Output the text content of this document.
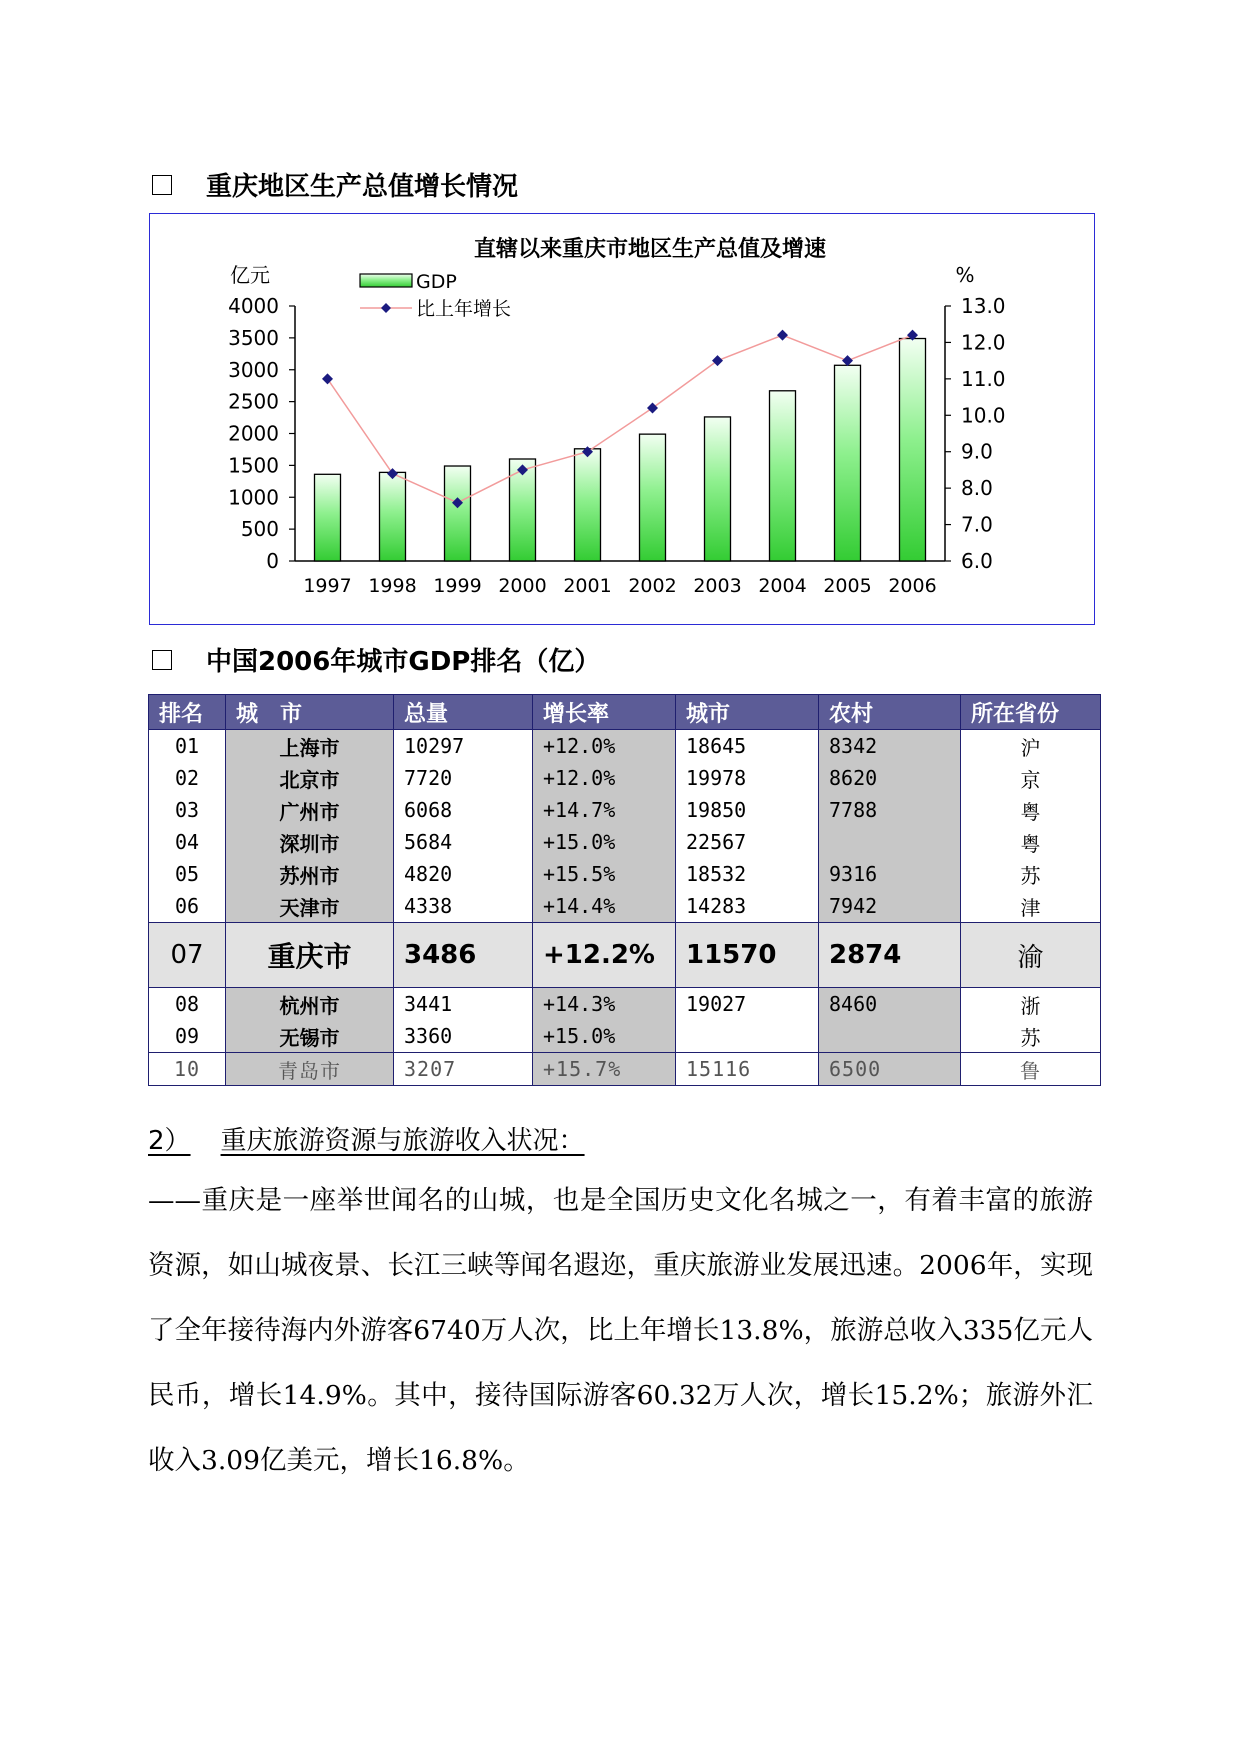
重庆地区生产总值增长情况
直辖以来重庆市地区生产总值及增速
亿元	%
0
500
1000
1500
2000
2500
3000
3500
4000
6.0
7.0
8.0
9.0
10.0
11.0
12.0
13.0
1997 1998 1999 2000 2001 2002 2003 2004 2005 2006
GDP
比上年增长
中国2006年城市GDP排名（亿）
排名	城　市	总量	增长率	城市	农村	所在省份
01	上海市	10297	+12.0%	18645	8342	沪
02	北京市	7720	+12.0%	19978	8620	京
03	广州市	6068	+14.7%	19850	7788	粤
04	深圳市	5684	+15.0%	22567		粤
05	苏州市	4820	+15.5%	18532	9316	苏
06	天津市	4338	+14.4%	14283	7942	津
07	重庆市	3486	+12.2%	11570	2874	渝
08	杭州市	3441	+14.3%	19027	8460	浙
09	无锡市	3360	+15.0%			苏
10	青岛市	3207	+15.7%	15116	6500	鲁
2） 重庆旅游资源与旅游收入状况：
——重庆是一座举世闻名的山城，也是全国历史文化名城之一，有着丰富的旅游资源，如山城夜景、长江三峡等闻名遐迩，重庆旅游业发展迅速。2006年，实现了全年接待海内外游客6740万人次，比上年增长13.8%，旅游总收入335亿元人民币，增长14.9%。其中，接待国际游客60.32万人次，增长15.2%；旅游外汇收入3.09亿美元，增长16.8%。
